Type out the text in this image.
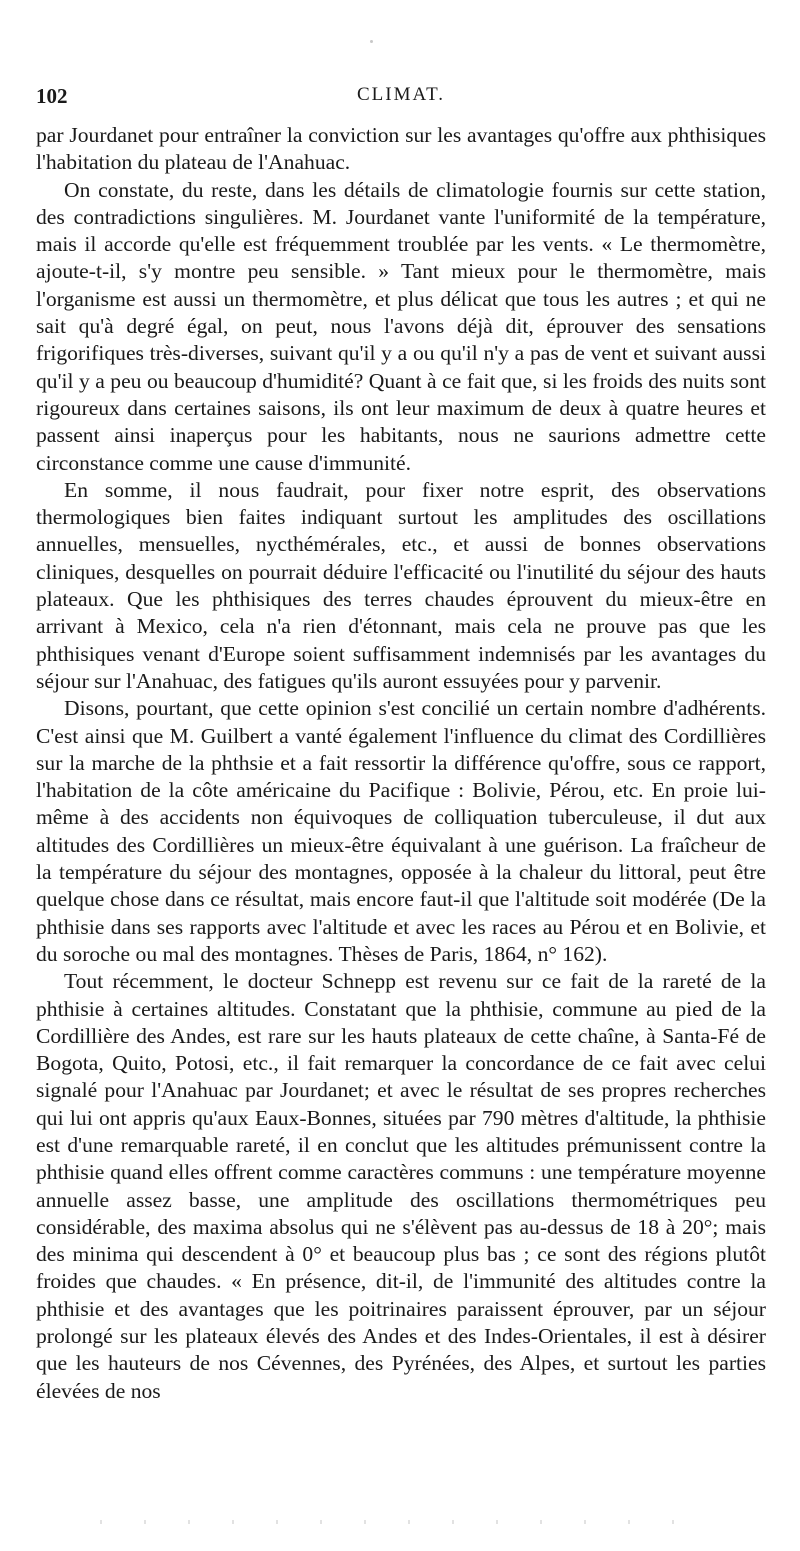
102	CLIMAT.

par Jourdanet pour entraîner la conviction sur les avantages qu'offre aux phthisiques l'habitation du plateau de l'Anahuac.

On constate, du reste, dans les détails de climatologie fournis sur cette station, des contradictions singulières. M. Jourdanet vante l'uniformité de la température, mais il accorde qu'elle est fréquemment troublée par les vents. « Le thermomètre, ajoute-t-il, s'y montre peu sensible. » Tant mieux pour le thermomètre, mais l'organisme est aussi un thermomètre, et plus délicat que tous les autres ; et qui ne sait qu'à degré égal, on peut, nous l'avons déjà dit, éprouver des sensations frigorifiques très-diverses, suivant qu'il y a ou qu'il n'y a pas de vent et suivant aussi qu'il y a peu ou beaucoup d'humidité? Quant à ce fait que, si les froids des nuits sont rigoureux dans certaines saisons, ils ont leur maximum de deux à quatre heures et passent ainsi inaperçus pour les habitants, nous ne saurions admettre cette circonstance comme une cause d'immunité.

En somme, il nous faudrait, pour fixer notre esprit, des observations thermologiques bien faites indiquant surtout les amplitudes des oscillations annuelles, mensuelles, nycthémérales, etc., et aussi de bonnes observations cliniques, desquelles on pourrait déduire l'efficacité ou l'inutilité du séjour des hauts plateaux. Que les phthisiques des terres chaudes éprouvent du mieux-être en arrivant à Mexico, cela n'a rien d'étonnant, mais cela ne prouve pas que les phthisiques venant d'Europe soient suffisamment indemnisés par les avantages du séjour sur l'Anahuac, des fatigues qu'ils auront essuyées pour y parvenir.

Disons, pourtant, que cette opinion s'est concilié un certain nombre d'adhérents. C'est ainsi que M. Guilbert a vanté également l'influence du climat des Cordillières sur la marche de la phthsie et a fait ressortir la différence qu'offre, sous ce rapport, l'habitation de la côte américaine du Pacifique : Bolivie, Pérou, etc. En proie lui-même à des accidents non équivoques de colliquation tuberculeuse, il dut aux altitudes des Cordillières un mieux-être équivalant à une guérison. La fraîcheur de la température du séjour des montagnes, opposée à la chaleur du littoral, peut être quelque chose dans ce résultat, mais encore faut-il que l'altitude soit modérée (De la phthisie dans ses rapports avec l'altitude et avec les races au Pérou et en Bolivie, et du soroche ou mal des montagnes. Thèses de Paris, 1864, n° 162).

Tout récemment, le docteur Schnepp est revenu sur ce fait de la rareté de la phthisie à certaines altitudes. Constatant que la phthisie, commune au pied de la Cordillière des Andes, est rare sur les hauts plateaux de cette chaîne, à Santa-Fé de Bogota, Quito, Potosi, etc., il fait remarquer la concordance de ce fait avec celui signalé pour l'Anahuac par Jourdanet; et avec le résultat de ses propres recherches qui lui ont appris qu'aux Eaux-Bonnes, situées par 790 mètres d'altitude, la phthisie est d'une remarquable rareté, il en conclut que les altitudes prémunissent contre la phthisie quand elles offrent comme caractères communs : une température moyenne annuelle assez basse, une amplitude des oscillations thermométriques peu considérable, des maxima absolus qui ne s'élèvent pas au-dessus de 18 à 20°; mais des minima qui descendent à 0° et beaucoup plus bas ; ce sont des régions plutôt froides que chaudes. « En présence, dit-il, de l'immunité des altitudes contre la phthisie et des avantages que les poitrinaires paraissent éprouver, par un séjour prolongé sur les plateaux élevés des Andes et des Indes-Orientales, il est à désirer que les hauteurs de nos Cévennes, des Pyrénées, des Alpes, et surtout les parties élevées de nos
